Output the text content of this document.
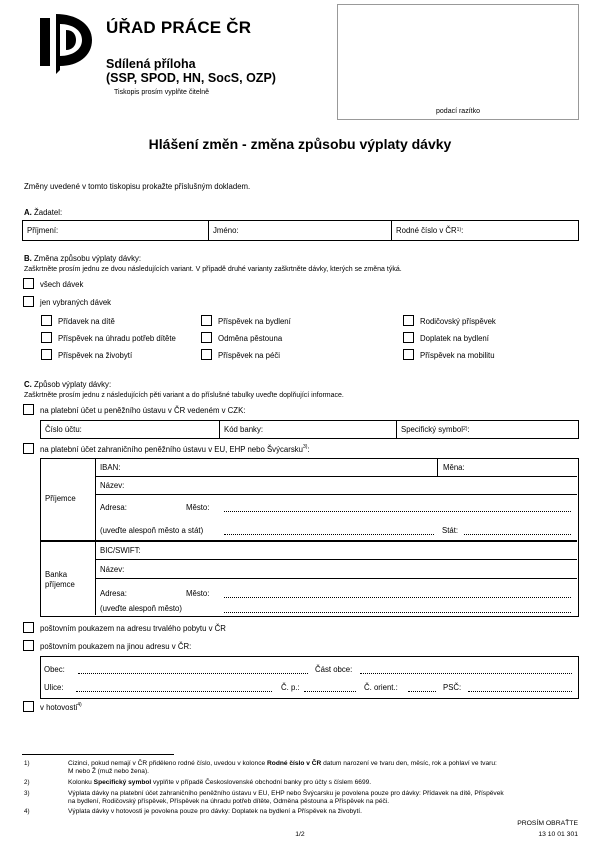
ÚŘAD PRÁCE ČR
Sdílená příloha
(SSP, SPOD, HN, SocS, OZP)
Tiskopis prosím vyplňte čitelně
podací razítko
Hlášení změn - změna způsobu výplaty dávky
Změny uvedené v tomto tiskopisu prokažte příslušným dokladem.
A. Žadatel:
Příjmení:	Jméno:	Rodné číslo v ČR 1) :
B. Změna způsobu výplaty dávky:
Zaškrtněte prosím jednu ze dvou následujících variant. V případě druhé varianty zaškrtněte dávky, kterých se změna týká.
všech dávek
jen vybraných dávek
Přídavek na dítě	Příspěvek na bydlení	Rodičovský příspěvek
Příspěvek na úhradu potřeb dítěte	Odměna pěstouna	Doplatek na bydlení
Příspěvek na živobytí	Příspěvek na péči	Příspěvek na mobilitu
C. Způsob výplaty dávky:
Zaškrtněte prosím jednu z následujících pěti variant a do příslušné tabulky uveďte doplňující informace.
na platební účet u peněžního ústavu v ČR vedeném v CZK:
Číslo účtu:	Kód banky:	Specifický symbol 2) :
na platební účet zahraničního peněžního ústavu v EU, EHP nebo Švýcarsku$^{3)}$:
Příjemce
IBAN:	Měna:
Název:
Adresa:	Město:
(uveďte alespoň město a stát)	Stát:
Banka
příjemce
BIC/SWIFT:
Název:
Adresa:	Město:
(uveďte alespoň město)
poštovním poukazem na adresu trvalého pobytu v ČR
poštovním poukazem na jinou adresu v ČR:
Obec:	Část obce:
Ulice:	Č. p.:	Č. orient.:	PSČ:
v hotovosti$^{4)}$
1)	Cizinci, pokud nemají v ČR přiděleno rodné číslo, uvedou v kolonce Rodné číslo v ČR datum narození ve tvaru den, měsíc, rok a pohlaví ve tvaru:
M nebo Ž (muž nebo žena).
2)	Kolonku Specifický symbol vyplňte v případě Československé obchodní banky pro účty s číslem 6699.
3)	Výplata dávky na platební účet zahraničního peněžního ústavu v EU, EHP nebo Švýcarsku je povolena pouze pro dávky: Přídavek na dítě, Příspěvek
na bydlení, Rodičovský příspěvek, Příspěvek na úhradu potřeb dítěte, Odměna pěstouna a Příspěvek na péči.
4)	Výplata dávky v hotovosti je povolena pouze pro dávky: Doplatek na bydlení a Příspěvek na živobytí.
PROSÍM OBRAŤTE
13 10 01 301
1/2
